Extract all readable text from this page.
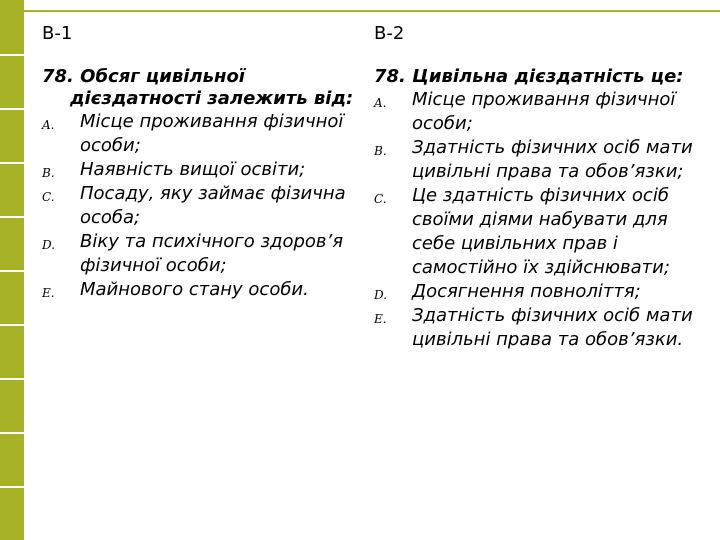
В-1
78. Обсяг цивільної дієздатності залежить від:
A. Місце проживання фізичної особи;
B. Наявність вищої освіти;
C. Посаду, яку займає фізична особа;
D. Віку та психічного здоров’я фізичної особи;
E. Майнового стану особи.
В-2
78. Цивільна дієздатність це:
A. Місце проживання фізичної особи;
B. Здатність фізичних осіб мати цивільні права та обов’язки;
C. Це здатність фізичних осіб своїми діями набувати для себе цивільних прав і самостійно їх здійснювати;
D. Досягнення повноліття;
E. Здатність фізичних осіб мати цивільні права та обов’язки.
